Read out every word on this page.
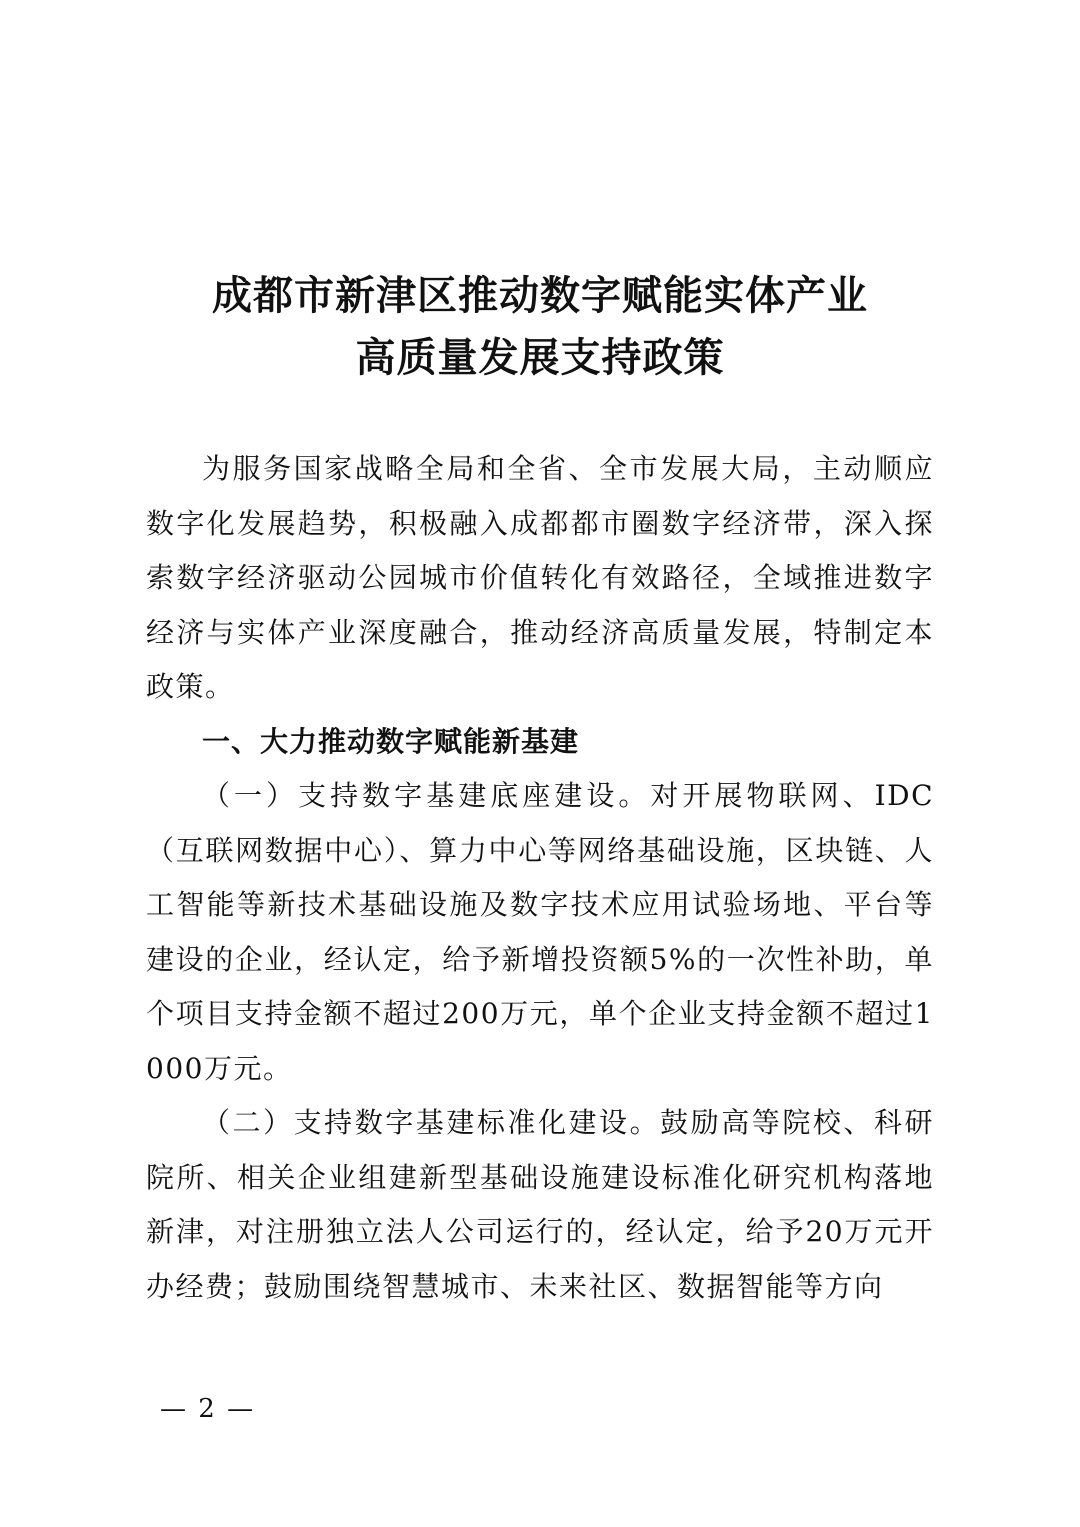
成都市新津区推动数字赋能实体产业
高质量发展支持政策

为服务国家战略全局和全省、全市发展大局，主动顺应数字化发展趋势，积极融入成都都市圈数字经济带，深入探索数字经济驱动公园城市价值转化有效路径，全域推进数字经济与实体产业深度融合，推动经济高质量发展，特制定本政策。

一、大力推动数字赋能新基建

（一）支持数字基建底座建设。对开展物联网、IDC（互联网数据中心）、算力中心等网络基础设施，区块链、人工智能等新技术基础设施及数字技术应用试验场地、平台等建设的企业，经认定，给予新增投资额5%的一次性补助，单个项目支持金额不超过200万元，单个企业支持金额不超过1000万元。

（二）支持数字基建标准化建设。鼓励高等院校、科研院所、相关企业组建新型基础设施建设标准化研究机构落地新津，对注册独立法人公司运行的，经认定，给予20万元开办经费；鼓励围绕智慧城市、未来社区、数据智能等方向

— 2 —
